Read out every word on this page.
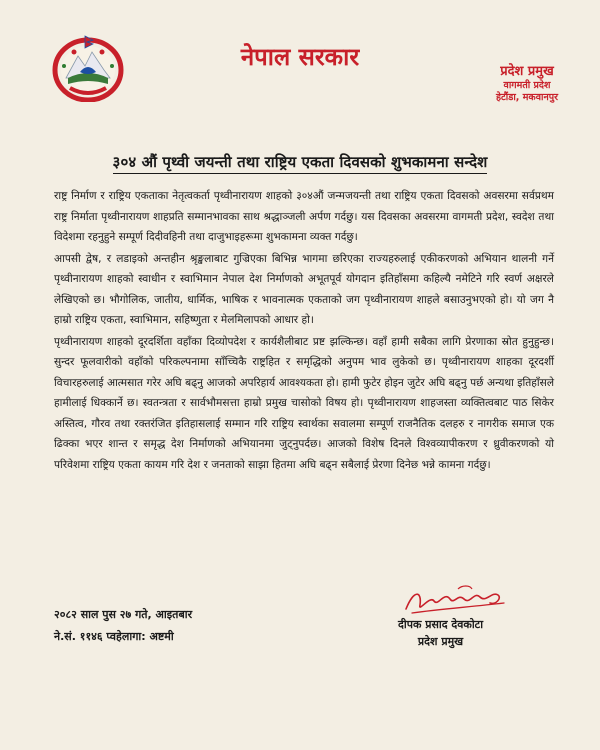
नेपाल सरकार
प्रदेश प्रमुख
वागमती प्रदेश
हेटौंडा, मकवानपुर
३०४ औं पृथ्वी जयन्ती तथा राष्ट्रिय एकता दिवसको शुभकामना सन्देश

राष्ट्र निर्माण र राष्ट्रिय एकताका नेतृत्वकर्ता पृथ्वीनारायण शाहको ३०४औं जन्मजयन्ती तथा राष्ट्रिय एकता दिवसको अवसरमा सर्वप्रथम राष्ट्र निर्माता पृथ्वीनारायण शाहप्रति सम्मानभावका साथ श्रद्धाञ्जली अर्पण गर्दछु। यस दिवसका अवसरमा वागमती प्रदेश, स्वदेश तथा विदेशमा रहनुहुने सम्पूर्ण दिदीवहिनी तथा दाजुभाइहरूमा शुभकामना व्यक्त गर्दछु।

आपसी द्वेष, र लडाइको अन्तहीन श्रृङ्खलाबाट गुज्रिएका बिभिन्न भागमा छरिएका राज्यहरुलाई एकीकरणको अभियान थालनी गर्ने पृथ्वीनारायण शाहको स्वाधीन र स्वाभिमान नेपाल देश निर्माणको अभूतपूर्व योगदान इतिहाँसमा कहिल्यै नमेटिने गरि स्वर्ण अक्षरले लेखिएको छ। भौगोलिक, जातीय, धार्मिक, भाषिक र भावनात्मक एकताको जग पृथ्वीनारायण शाहले बसाउनुभएको हो। यो जग नै हाम्रो राष्ट्रिय एकता, स्वाभिमान, सहिष्णुता र मेलमिलापको आधार हो।

पृथ्वीनारायण शाहको दूरदर्शिता वहाँका दिव्योपदेश र कार्यशैलीबाट प्रष्ट झल्किन्छ। वहाँ हामी सबैका लागि प्रेरणाका स्रोत हुनुहुन्छ। सुन्दर फूलवारीको वहाँको परिकल्पनामा साँच्चिकै राष्ट्रहित र समृद्धिको अनुपम भाव लुकेको छ। पृथ्वीनारायण शाहका दूरदर्शी विचारहरुलाई आत्मसात गरेर अघि बढ्नु आजको अपरिहार्य आवश्यकता हो। हामी फुटेर होइन जुटेर अघि बढ्नु पर्छ अन्यथा इतिहाँसले हामीलाई धिक्कार्ने छ। स्वतन्त्रता र सार्वभौमसत्ता हाम्रो प्रमुख चासोको विषय हो। पृथ्वीनारायण शाहजस्ता व्यक्तित्वबाट पाठ सिकेर अस्तित्व, गौरव तथा रक्तरंजित इतिहासलाई सम्मान गरि राष्ट्रिय स्वार्थका सवालमा सम्पूर्ण राजनैतिक दलहरु र नागरीक समाज एक ढिक्का भएर शान्त र समृद्ध देश निर्माणको अभियानमा जुट्नुपर्दछ। आजको विशेष दिनले विश्वव्यापीकरण र ध्रुवीकरणको यो परिवेशमा राष्ट्रिय एकता कायम गरि देश र जनताको साझा हितमा अघि बढ्न सबैलाई प्रेरणा दिनेछ भन्ने कामना गर्दछु।

२०८२ साल पुस २७ गते, आइतबार
ने.सं. ११४६ प्वहेलागा: अष्टमी
दीपक प्रसाद देवकोटा
प्रदेश प्रमुख
